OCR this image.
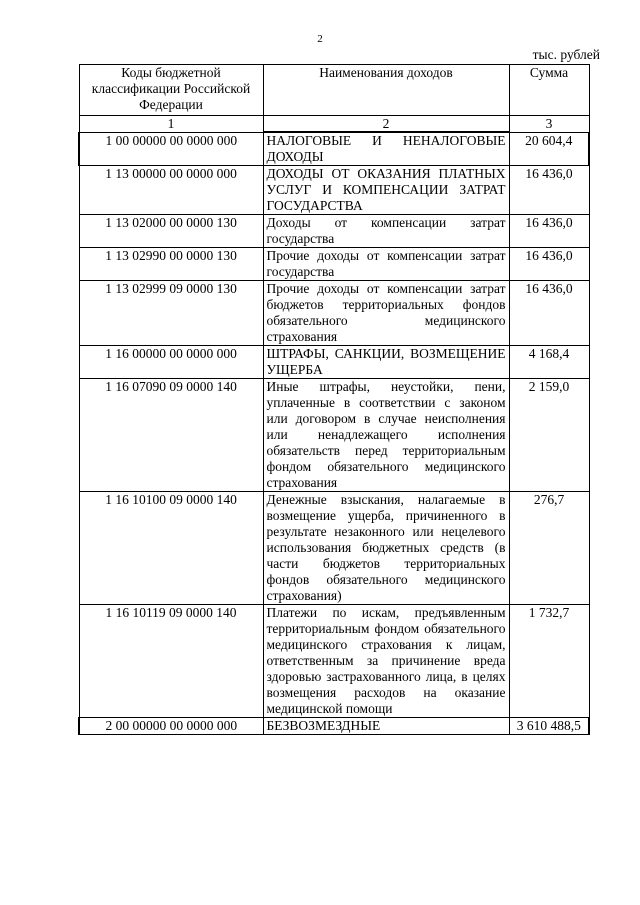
2
тыс. рублей
Коды бюджетной классификации Российской Федерации	Наименования доходов	Сумма
1	2	3
1 00 00000 00 0000 000	НАЛОГОВЫЕ И НЕНАЛОГОВЫЕ ДОХОДЫ	20 604,4
1 13 00000 00 0000 000	ДОХОДЫ ОТ ОКАЗАНИЯ ПЛАТНЫХ УСЛУГ И КОМПЕНСАЦИИ ЗАТРАТ ГОСУДАРСТВА	16 436,0
1 13 02000 00 0000 130	Доходы от компенсации затрат государства	16 436,0
1 13 02990 00 0000 130	Прочие доходы от компенсации затрат государства	16 436,0
1 13 02999 09 0000 130	Прочие доходы от компенсации затрат бюджетов территориальных фондов обязательного медицинского страхования	16 436,0
1 16 00000 00 0000 000	ШТРАФЫ, САНКЦИИ, ВОЗМЕЩЕНИЕ УЩЕРБА	4 168,4
1 16 07090 09 0000 140	Иные штрафы, неустойки, пени, уплаченные в соответствии с законом или договором в случае неисполнения или ненадлежащего исполнения обязательств перед территориальным фондом обязательного медицинского страхования	2 159,0
1 16 10100 09 0000 140	Денежные взыскания, налагаемые в возмещение ущерба, причиненного в результате незаконного или нецелевого использования бюджетных средств (в части бюджетов территориальных фондов обязательного медицинского страхования)	276,7
1 16 10119 09 0000 140	Платежи по искам, предъявленным территориальным фондом обязательного медицинского страхования к лицам, ответственным за причинение вреда здоровью застрахованного лица, в целях возмещения расходов на оказание медицинской помощи	1 732,7
2 00 00000 00 0000 000	БЕЗВОЗМЕЗДНЫЕ	3 610 488,5
